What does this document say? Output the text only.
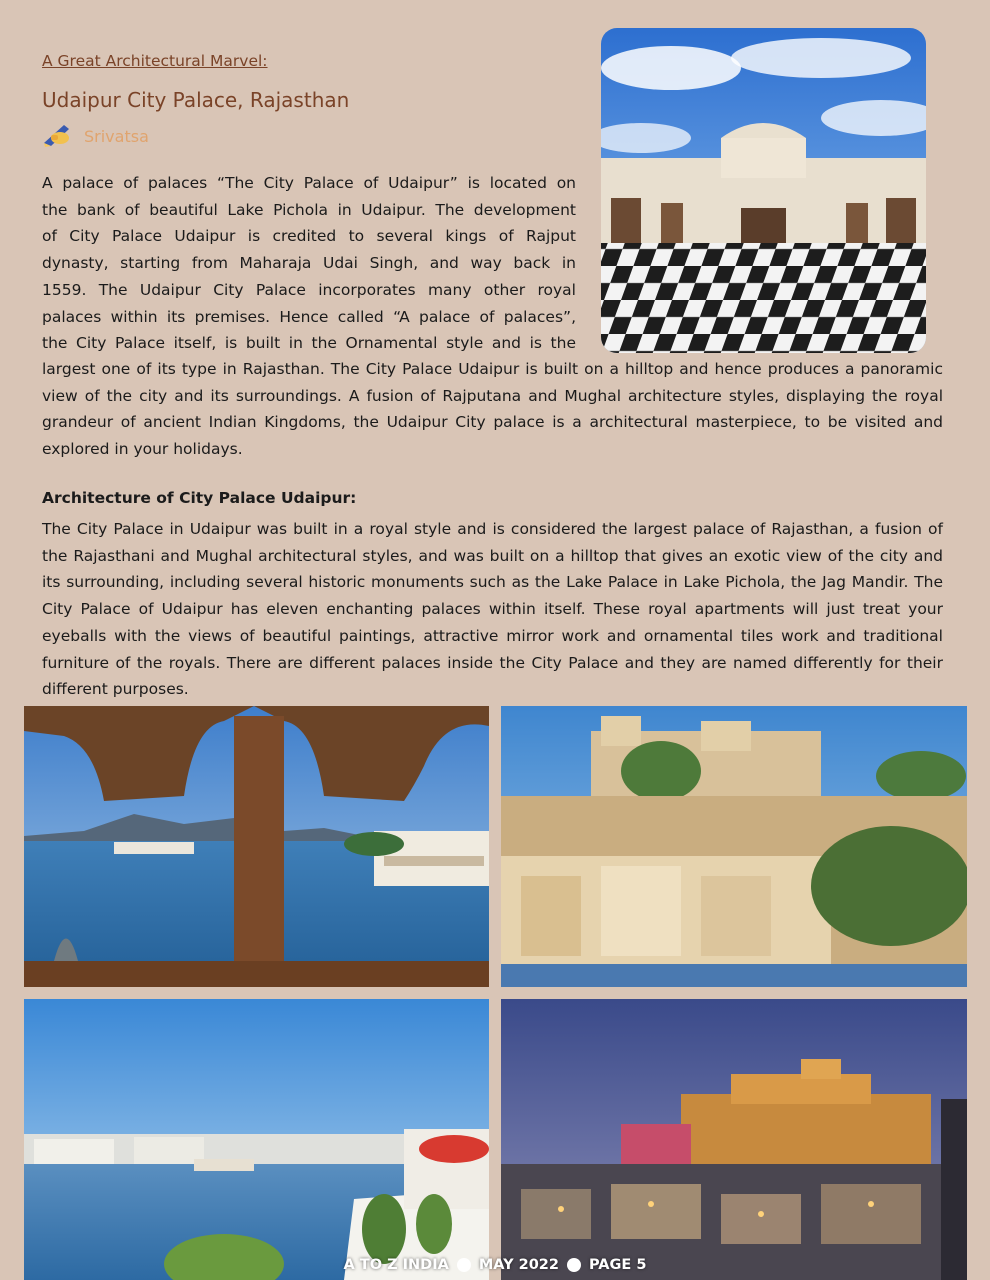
A Great Architectural Marvel:
Udaipur City Palace, Rajasthan
Srivatsa
A palace of palaces “The City Palace of Udaipur” is located on
the bank of beautiful Lake Pichola in Udaipur. The development
of City Palace Udaipur is credited to several kings of Rajput
dynasty, starting from Maharaja Udai Singh, and way back in
1559. The Udaipur City Palace incorporates many other royal
palaces within its premises. Hence called “A palace of palaces”,
the City Palace itself, is built in the Ornamental style and is the
largest one of its type in Rajasthan. The City Palace Udaipur is built on a hilltop and hence produces a panoramic view of the city and its surroundings. A fusion of Rajputana and Mughal architecture styles, displaying the royal grandeur of ancient Indian Kingdoms, the Udaipur City palace is a architectural masterpiece, to be visited and explored in your holidays.
Architecture of City Palace Udaipur:
The City Palace in Udaipur was built in a royal style and is considered the largest palace of Rajasthan, a fusion of the Rajasthani and Mughal architectural styles, and was built on a hilltop that gives an exotic view of the city and its surrounding, including several historic monuments such as the Lake Palace in Lake Pichola, the Jag Mandir. The City Palace of Udaipur has eleven enchanting palaces within itself. These royal apartments will just treat your eyeballs with the views of beautiful paintings, attractive mirror work and ornamental tiles work and traditional furniture of the royals. There are different palaces inside the City Palace and they are named differently for their different purposes.
A TO Z INDIA MAY 2022 PAGE 5
